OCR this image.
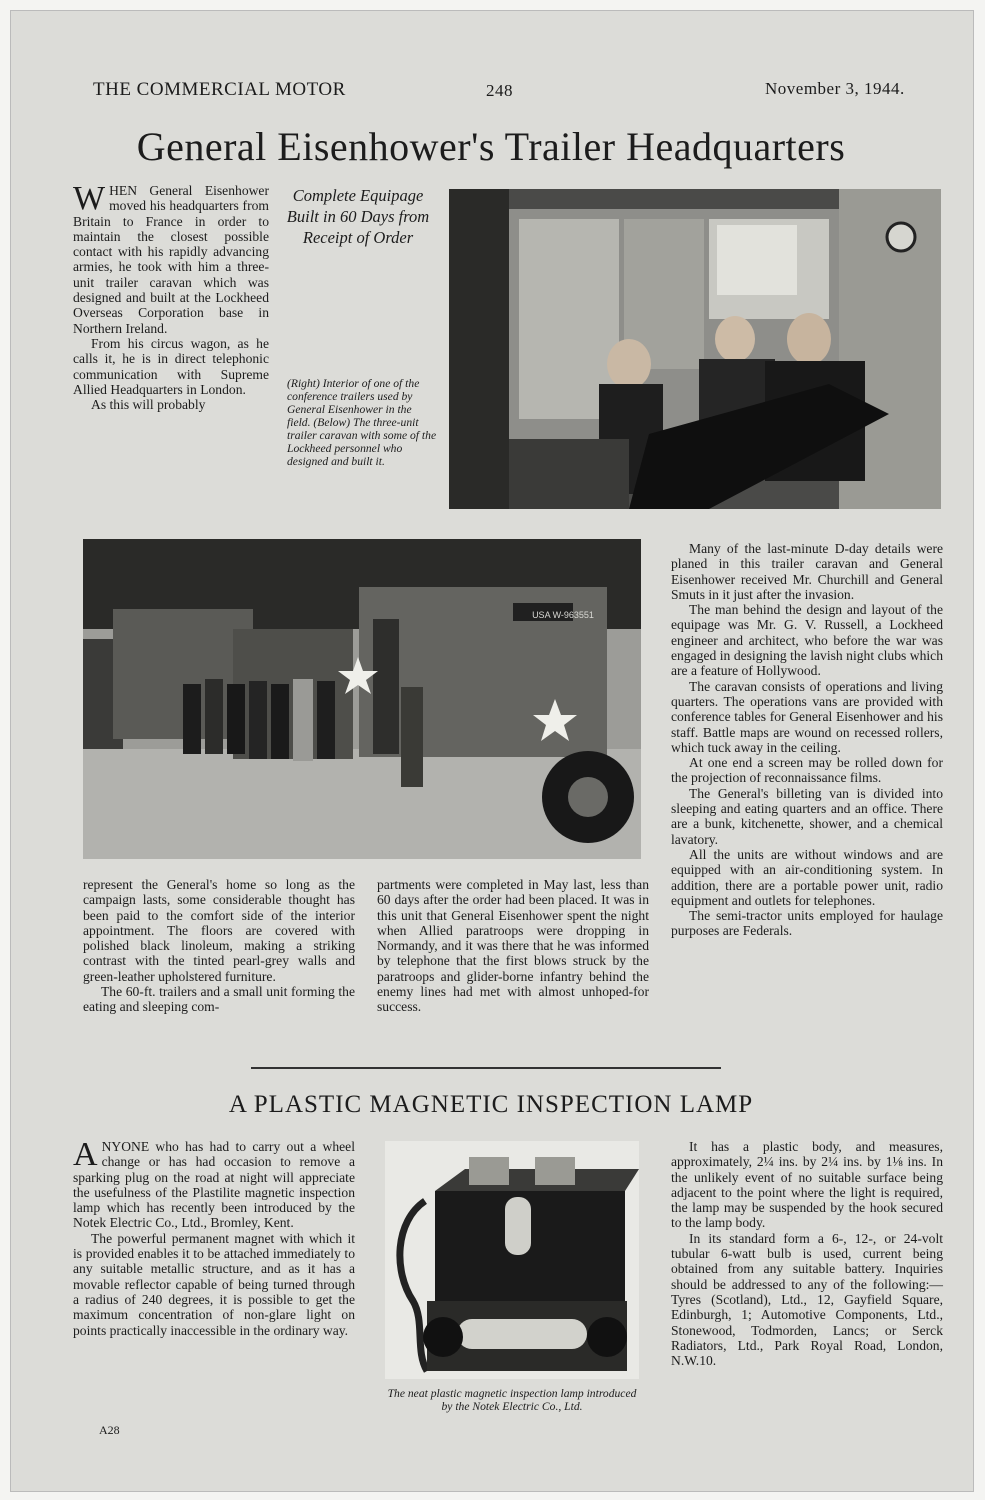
THE COMMERCIAL MOTOR	248	November 3, 1944.
General Eisenhower's Trailer Headquarters

WHEN General Eisenhower moved his headquarters from Britain to France in order to maintain the closest possible contact with his rapidly advancing armies, he took with him a three-unit trailer caravan which was designed and built at the Lockheed Overseas Corporation base in Northern Ireland.

From his circus wagon, as he calls it, he is in direct telephonic communication with Supreme Allied Headquarters in London.

As this will probably

Complete Equipage Built in 60 Days from Receipt of Order
(Right) Interior of one of the conference trailers used by General Eisenhower in the field. (Below) The three-unit trailer caravan with some of the Lockheed personnel who designed and built it.
USA W-963551

Many of the last-minute D-day details were planed in this trailer caravan and General Eisenhower received Mr. Churchill and General Smuts in it just after the invasion.

The man behind the design and layout of the equipage was Mr. G. V. Russell, a Lockheed engineer and architect, who before the war was engaged in designing the lavish night clubs which are a feature of Hollywood.

The caravan consists of operations and living quarters. The operations vans are provided with conference tables for General Eisenhower and his staff. Battle maps are wound on recessed rollers, which tuck away in the ceiling.

At one end a screen may be rolled down for the projection of reconnaissance films.

The General's billeting van is divided into sleeping and eating quarters and an office. There are a bunk, kitchenette, shower, and a chemical lavatory.

All the units are without windows and are equipped with an air-conditioning system. In addition, there are a portable power unit, radio equipment and outlets for telephones.

The semi-tractor units employed for haulage purposes are Federals.

represent the General's home so long as the campaign lasts, some considerable thought has been paid to the comfort side of the interior appointment. The floors are covered with polished black linoleum, making a striking contrast with the tinted pearl-grey walls and green-leather upholstered furniture.

The 60-ft. trailers and a small unit forming the eating and sleeping com-

partments were completed in May last, less than 60 days after the order had been placed. It was in this unit that General Eisenhower spent the night when Allied paratroops were dropping in Normandy, and it was there that he was informed by telephone that the first blows struck by the paratroops and glider-borne infantry behind the enemy lines had met with almost unhoped-for success.

A PLASTIC MAGNETIC INSPECTION LAMP

ANYONE who has had to carry out a wheel change or has had occasion to remove a sparking plug on the road at night will appreciate the usefulness of the Plastilite magnetic inspection lamp which has recently been introduced by the Notek Electric Co., Ltd., Bromley, Kent.

The powerful permanent magnet with which it is provided enables it to be attached immediately to any suitable metallic structure, and as it has a movable reflector capable of being turned through a radius of 240 degrees, it is possible to get the maximum concentration of non-glare light on points practically inaccessible in the ordinary way.

The neat plastic magnetic inspection lamp introduced by the Notek Electric Co., Ltd.

It has a plastic body, and measures, approximately, 2¼ ins. by 2¼ ins. by 1⅛ ins. In the unlikely event of no suitable surface being adjacent to the point where the light is required, the lamp may be suspended by the hook secured to the lamp body.

In its standard form a 6-, 12-, or 24-volt tubular 6-watt bulb is used, current being obtained from any suitable battery. Inquiries should be addressed to any of the following:—Tyres (Scotland), Ltd., 12, Gayfield Square, Edinburgh, 1; Automotive Components, Ltd., Stonewood, Todmorden, Lancs; or Serck Radiators, Ltd., Park Royal Road, London, N.W.10.

A28
